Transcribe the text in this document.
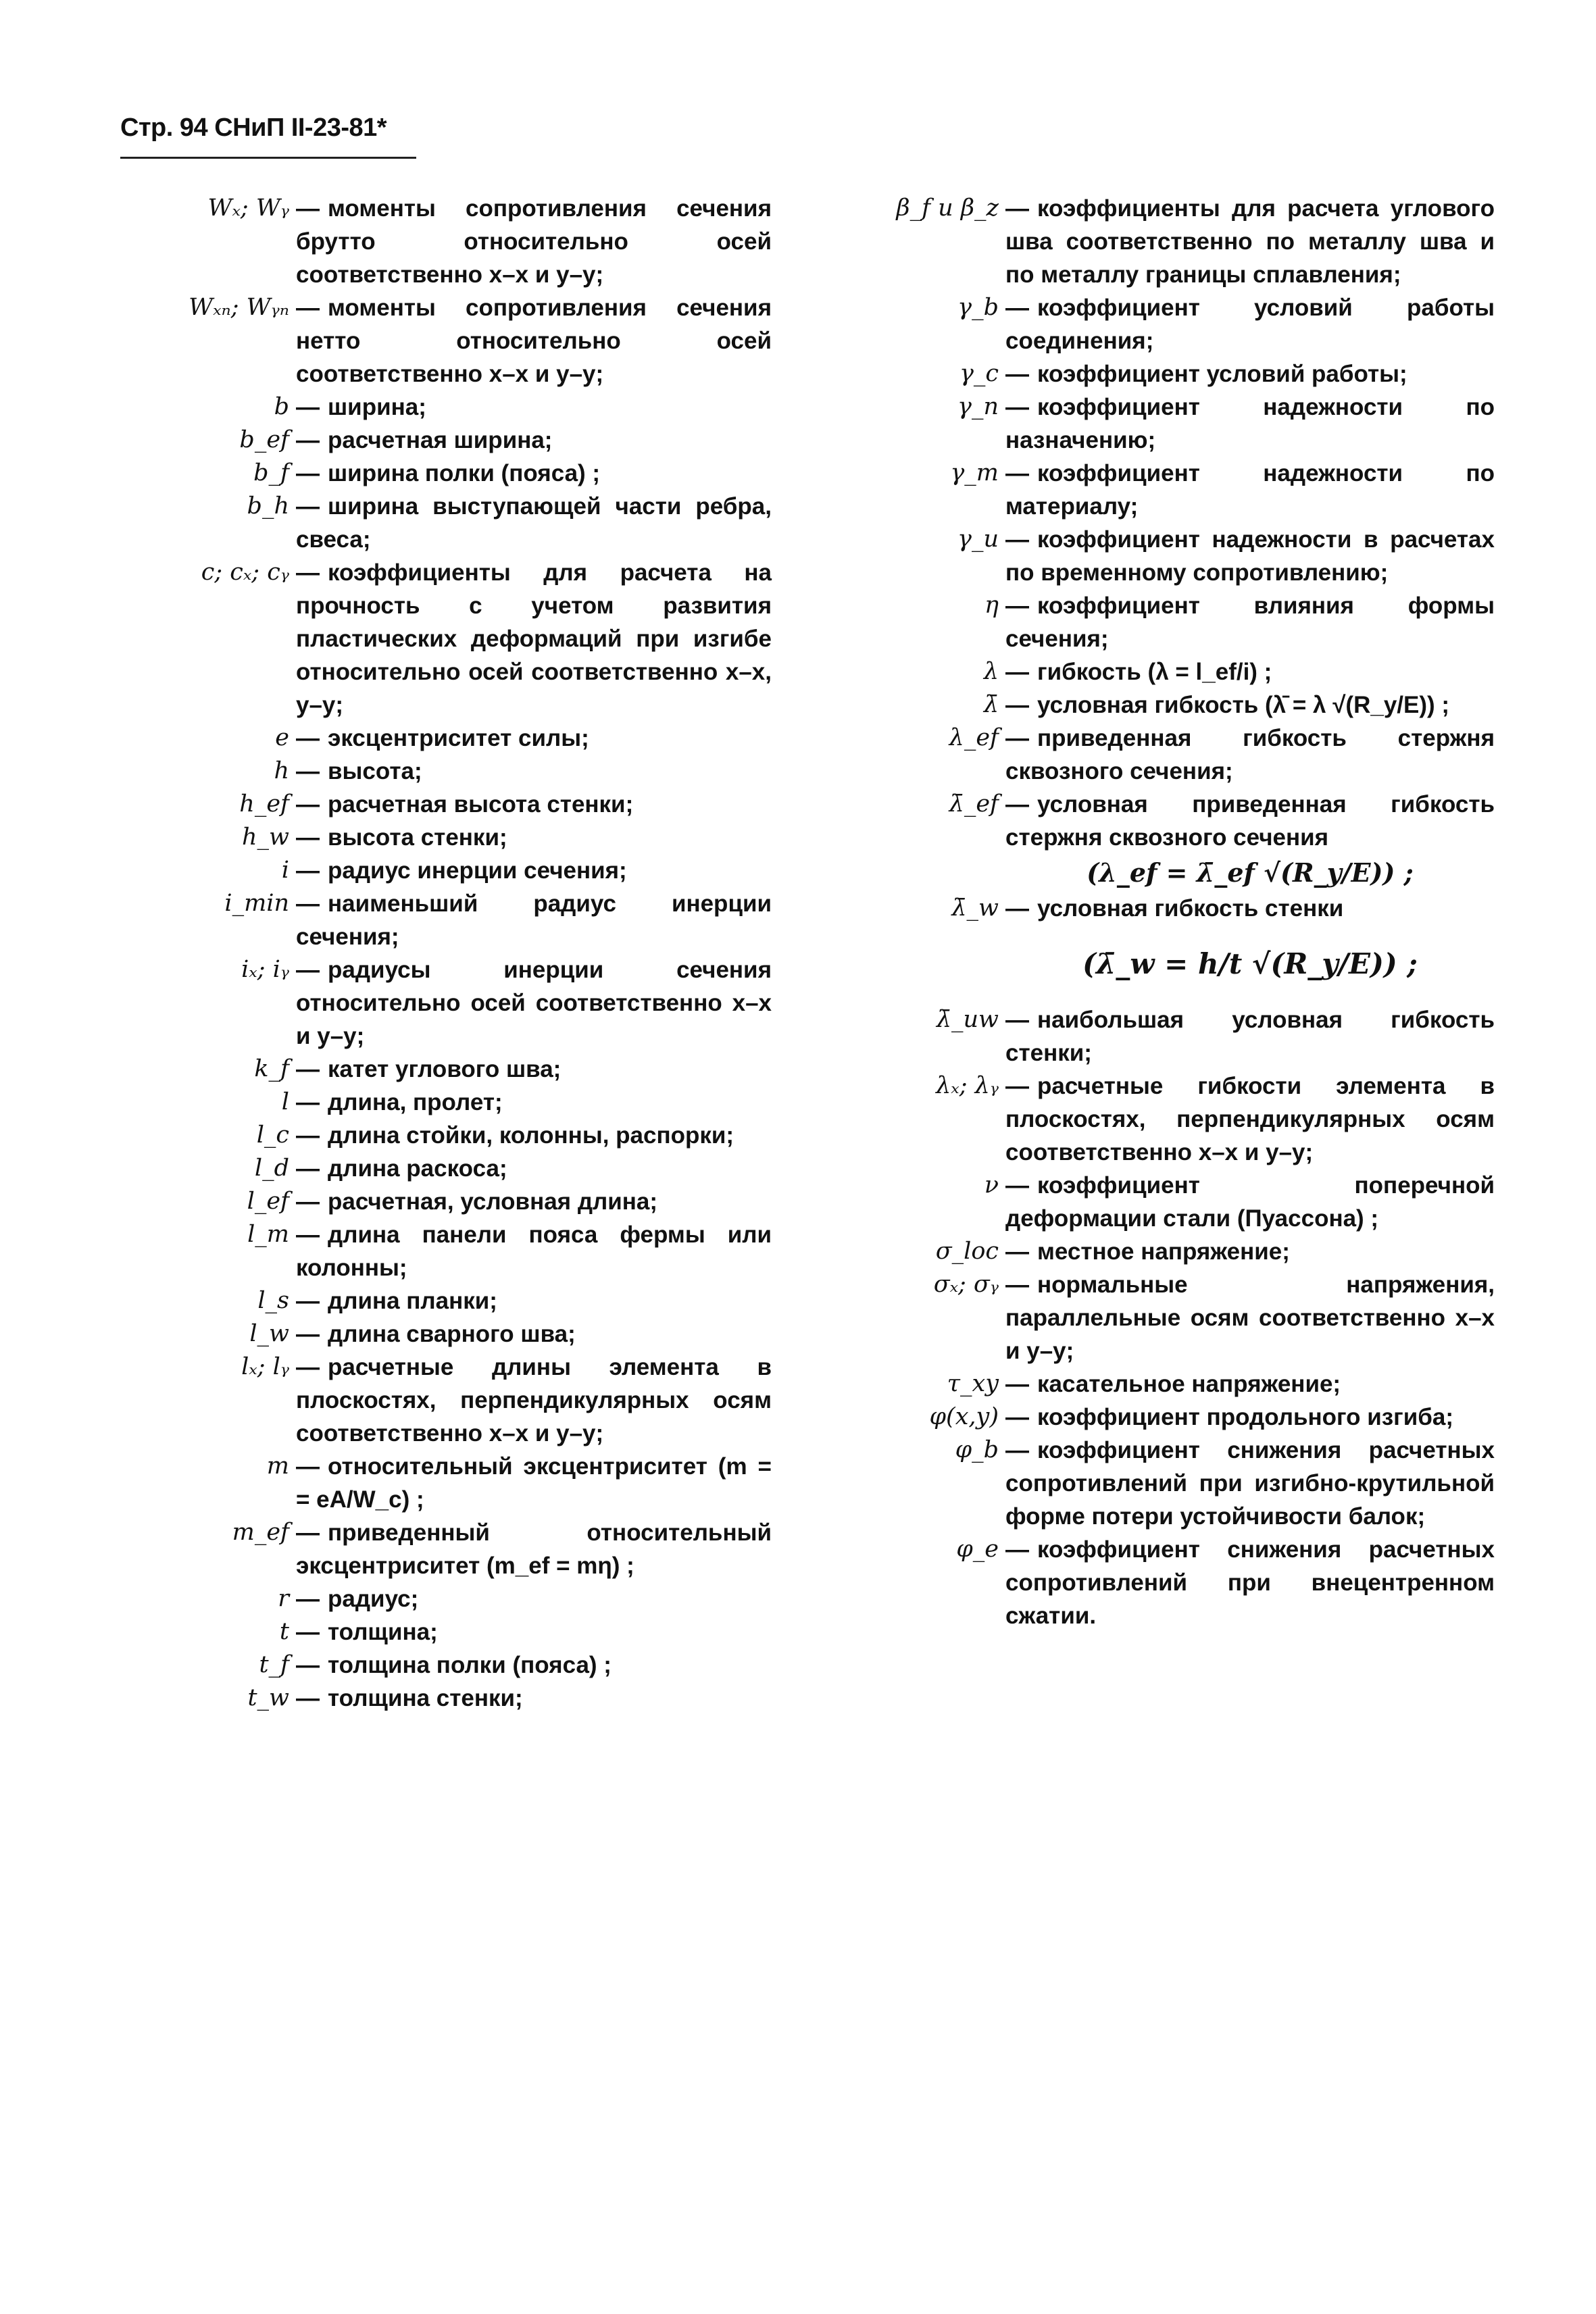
Стр. 94 СНиП II-23-81*
Wₓ; Wᵧ — моменты сопротивления сечения брутто относительно осей соответственно x–x и y–y;
Wₓₙ; Wᵧₙ — моменты сопротивления сечения нетто относительно осей соответственно x–x и y–y;
b — ширина;
b_ef — расчетная ширина;
b_f — ширина полки (пояса) ;
b_h — ширина выступающей части ребра, свеса;
c; cₓ; cᵧ — коэффициенты для расчета на прочность с учетом развития пластических деформаций при изгибе относительно осей соответственно x–x, y–y;
e — эксцентриситет силы;
h — высота;
h_ef — расчетная высота стенки;
h_w — высота стенки;
i — радиус инерции сечения;
i_min — наименьший радиус инерции сечения;
iₓ; iᵧ — радиусы инерции сечения относительно осей соответственно x–x и y–y;
k_f — катет углового шва;
l — длина, пролет;
l_c — длина стойки, колонны, распорки;
l_d — длина раскоса;
l_ef — расчетная, условная длина;
l_m — длина панели пояса фермы или колонны;
l_s — длина планки;
l_w — длина сварного шва;
lₓ; lᵧ — расчетные длины элемента в плоскостях, перпендикулярных осям соответственно x–x и y–y;
m — относительный эксцентриситет (m = = eA/W_c) ;
m_ef — приведенный относительный эксцентриситет (m_ef = mη) ;
r — радиус;
t — толщина;
t_f — толщина полки (пояса) ;
t_w — толщина стенки;
β_f и β_z — коэффициенты для расчета углового шва соответственно по металлу шва и по металлу границы сплавления;
γ_b — коэффициент условий работы соединения;
γ_c — коэффициент условий работы;
γ_n — коэффициент надежности по назначению;
γ_m — коэффициент надежности по материалу;
γ_u — коэффициент надежности в расчетах по временному сопротивлению;
η — коэффициент влияния формы сечения;
λ — гибкость (λ = l_ef/i) ;
λ̄ — условная гибкость (λ̄ = λ √(R_y/E)) ;
λ_ef — приведенная гибкость стержня сквозного сечения;
λ̄_ef — условная приведенная гибкость стержня сквозного сечения
(λ_ef = λ̄_ef √(R_y/E)) ;
λ̄_w — условная гибкость стенки
(λ̄_w = h/t √(R_y/E)) ;
λ̄_uw — наибольшая условная гибкость стенки;
λₓ; λᵧ — расчетные гибкости элемента в плоскостях, перпендикулярных осям соответственно x–x и y–y;
ν — коэффициент поперечной деформации стали (Пуассона) ;
σ_loc — местное напряжение;
σₓ; σᵧ — нормальные напряжения, параллельные осям соответственно x–x и y–y;
τ_xy — касательное напряжение;
φ(x,y) — коэффициент продольного изгиба;
φ_b — коэффициент снижения расчетных сопротивлений при изгибно-крутильной форме потери устойчивости балок;
φ_e — коэффициент снижения расчетных сопротивлений при внецентренном сжатии.
